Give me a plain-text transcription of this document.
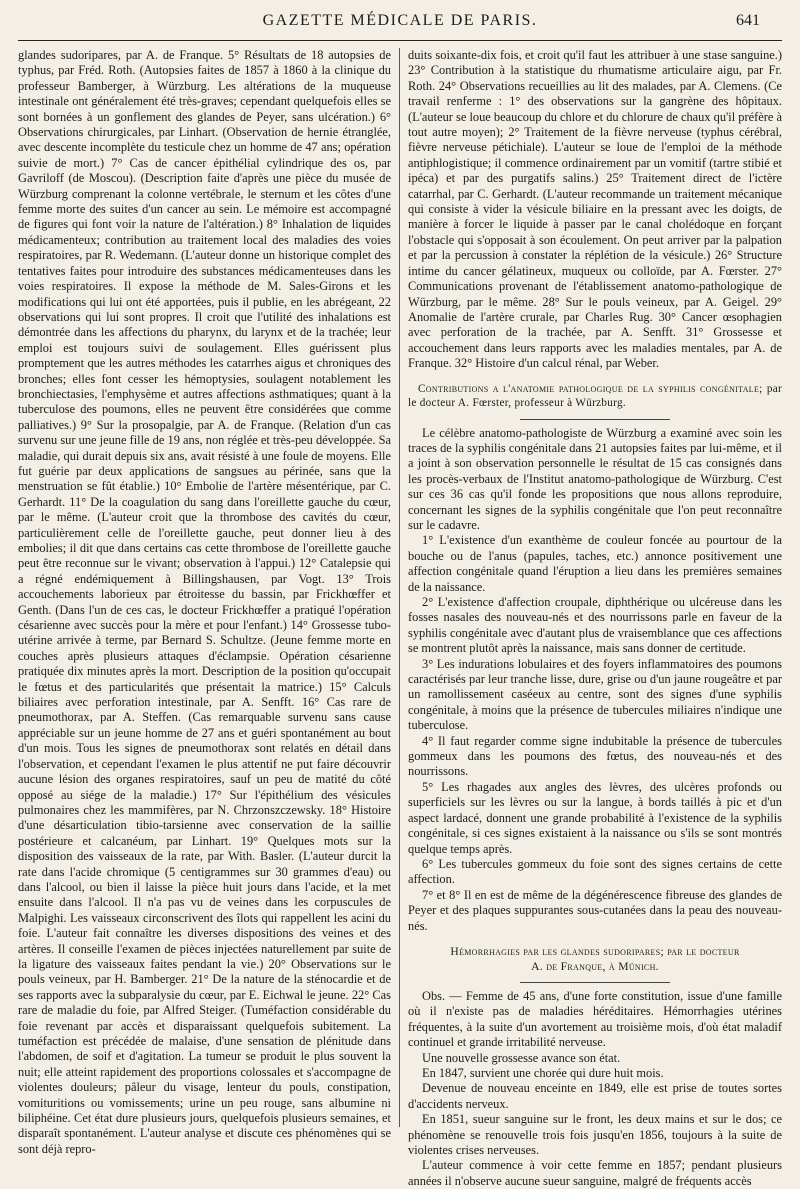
GAZETTE MÉDICALE DE PARIS.	641

glandes sudoripares, par A. de Franque. 5° Résultats de 18 autopsies de typhus, par Fréd. Roth. (Autopsies faites de 1857 à 1860 à la clinique du professeur Bamberger, à Würzburg. Les altérations de la muqueuse intestinale ont généralement été très-graves; cependant quelquefois elles se sont bornées à un gonflement des glandes de Peyer, sans ulcération.) 6° Observations chirurgicales, par Linhart. (Observation de hernie étranglée, avec descente incomplète du testicule chez un homme de 47 ans; opération suivie de mort.) 7° Cas de cancer épithélial cylindrique des os, par Gavriloff (de Moscou). (Description faite d'après une pièce du musée de Würzburg comprenant la colonne vertébrale, le sternum et les côtes d'une femme morte des suites d'un cancer au sein. Le mémoire est accompagné de figures qui font voir la nature de l'altération.) 8° Inhalation de liquides médicamenteux; contribution au traitement local des maladies des voies respiratoires, par R. Wedemann. (L'auteur donne un historique complet des tentatives faites pour introduire des substances médicamenteuses dans les voies respiratoires. Il expose la méthode de M. Sales-Girons et les modifications qui lui ont été apportées, puis il publie, en les abrégeant, 22 observations qui lui sont propres. Il croit que l'utilité des inhalations est démontrée dans les affections du pharynx, du larynx et de la trachée; leur emploi est toujours suivi de soulagement. Elles guérissent plus promptement que les autres méthodes les catarrhes aigus et chroniques des bronches; elles font cesser les hémoptysies, soulagent notablement les bronchiectasies, l'emphysème et autres affections asthmatiques; quant à la tuberculose des poumons, elles ne peuvent être considérées que comme palliatives.) 9° Sur la prosopalgie, par A. de Franque. (Relation d'un cas survenu sur une jeune fille de 19 ans, non réglée et très-peu développée. Sa maladie, qui durait depuis six ans, avait résisté à une foule de moyens. Elle fut guérie par deux applications de sangsues au périnée, sans que la menstruation se fût établie.) 10° Embolie de l'artère mésentérique, par C. Gerhardt. 11° De la coagulation du sang dans l'oreillette gauche du cœur, par le même. (L'auteur croit que la thrombose des cavités du cœur, particulièrement celle de l'oreillette gauche, peut donner lieu à des embolies; il dit que dans certains cas cette thrombose de l'oreillette gauche peut être reconnue sur le vivant; observation à l'appui.) 12° Catalepsie qui a régné endémiquement à Billingshausen, par Vogt. 13° Trois accouchements laborieux par étroitesse du bassin, par Frickhœffer et Genth. (Dans l'un de ces cas, le docteur Frickhœffer a pratiqué l'opération césarienne avec succès pour la mère et pour l'enfant.) 14° Grossesse tubo-utérine arrivée à terme, par Bernard S. Schultze. (Jeune femme morte en couches après plusieurs attaques d'éclampsie. Opération césarienne pratiquée dix minutes après la mort. Description de la position qu'occupait le fœtus et des particularités que présentait la matrice.) 15° Calculs biliaires avec perforation intestinale, par A. Senfft. 16° Cas rare de pneumothorax, par A. Steffen. (Cas remarquable survenu sans cause appréciable sur un jeune homme de 27 ans et guéri spontanément au bout d'un mois. Tous les signes de pneumothorax sont relatés en détail dans l'observation, et cependant l'examen le plus attentif ne put faire découvrir aucune lésion des organes respiratoires, sauf un peu de matité du côté opposé au siége de la maladie.) 17° Sur l'épithélium des vésicules pulmonaires chez les mammifères, par N. Chrzonszczewsky. 18° Histoire d'une désarticulation tibio-tarsienne avec conservation de la saillie postérieure et calcanéum, par Linhart. 19° Quelques mots sur la disposition des vaisseaux de la rate, par With. Basler. (L'auteur durcit la rate dans l'acide chromique (5 centigrammes sur 30 grammes d'eau) ou dans l'alcool, ou bien il laisse la pièce huit jours dans l'acide, et la met ensuite dans l'alcool. Il n'a pas vu de veines dans les corpuscules de Malpighi. Les vaisseaux circonscrivent des îlots qui rappellent les acini du foie. L'auteur fait connaître les diverses dispositions des veines et des artères. Il conseille l'examen de pièces injectées naturellement par suite de la ligature des vaisseaux faites pendant la vie.) 20° Observations sur le pouls veineux, par H. Bamberger. 21° De la nature de la sténocardie et de ses rapports avec la subparalysie du cœur, par E. Eichwal le jeune. 22° Cas rare de maladie du foie, par Alfred Steiger. (Tuméfaction considérable du foie revenant par accès et disparaissant quelquefois subitement. La tuméfaction est précédée de malaise, d'une sensation de plénitude dans l'abdomen, de soif et d'agitation. La tumeur se produit le plus souvent la nuit; elle atteint rapidement des proportions colossales et s'accompagne de violentes douleurs; pâleur du visage, lenteur du pouls, constipation, vomituritions ou vomissements; urine un peu rouge, sans albumine ni biliphéine. Cet état dure plusieurs jours, quelquefois plusieurs semaines, et disparaît spontanément. L'auteur analyse et discute ces phénomènes qui se sont déjà repro-

duits soixante-dix fois, et croit qu'il faut les attribuer à une stase sanguine.) 23° Contribution à la statistique du rhumatisme articulaire aigu, par Fr. Roth. 24° Observations recueillies au lit des malades, par A. Clemens. (Ce travail renferme : 1° des observations sur la gangrène des hôpitaux. (L'auteur se loue beaucoup du chlore et du chlorure de chaux qu'il préfère à tout autre moyen); 2° Traitement de la fièvre nerveuse (typhus cérébral, fièvre nerveuse pétichiale). L'auteur se loue de l'emploi de la méthode antiphlogistique; il commence ordinairement par un vomitif (tartre stibié et ipéca) et par des purgatifs salins.) 25° Traitement direct de l'ictère catarrhal, par C. Gerhardt. (L'auteur recommande un traitement mécanique qui consiste à vider la vésicule biliaire en la pressant avec les doigts, de manière à forcer le liquide à passer par le canal cholédoque en forçant l'obstacle qui s'opposait à son écoulement. On peut arriver par la palpation et par la percussion à constater la réplétion de la vésicule.) 26° Structure intime du cancer gélatineux, muqueux ou colloïde, par A. Fœrster. 27° Communications provenant de l'établissement anatomo-pathologique de Würzburg, par le même. 28° Sur le pouls veineux, par A. Geigel. 29° Anomalie de l'artère crurale, par Charles Rug. 30° Cancer œsophagien avec perforation de la trachée, par A. Senfft. 31° Grossesse et accouchement dans leurs rapports avec les maladies mentales, par A. de Franque. 32° Histoire d'un calcul rénal, par Weber.

Contributions a l'anatomie pathologique de la syphilis congénitale; par le docteur A. Fœrster, professeur à Würzburg.

Le célèbre anatomo-pathologiste de Würzburg a examiné avec soin les traces de la syphilis congénitale dans 21 autopsies faites par lui-même, et il a joint à son observation personnelle le résultat de 15 cas consignés dans les procès-verbaux de l'Institut anatomo-pathologique de Würzburg. C'est sur ces 36 cas qu'il fonde les propositions que nous allons reproduire, concernant les signes de la syphilis congénitale que l'on peut reconnaître sur le cadavre.

1° L'existence d'un exanthème de couleur foncée au pourtour de la bouche ou de l'anus (papules, taches, etc.) annonce positivement une affection congénitale quand l'éruption a lieu dans les premières semaines de la naissance.

2° L'existence d'affection croupale, diphthérique ou ulcéreuse dans les fosses nasales des nouveau-nés et des nourrissons parle en faveur de la syphilis congénitale avec d'autant plus de vraisemblance que ces affections se montrent plutôt après la naissance, mais sans donner de certitude.

3° Les indurations lobulaires et des foyers inflammatoires des poumons caractérisés par leur tranche lisse, dure, grise ou d'un jaune rougeâtre et par un ramollissement caséeux au centre, sont des signes d'une syphilis congénitale, à moins que la présence de tubercules miliaires n'indique une tuberculose.

4° Il faut regarder comme signe indubitable la présence de tubercules gommeux dans les poumons des fœtus, des nouveau-nés et des nourrissons.

5° Les rhagades aux angles des lèvres, des ulcères profonds ou superficiels sur les lèvres ou sur la langue, à bords taillés à pic et d'un aspect lardacé, donnent une grande probabilité à l'existence de la syphilis congénitale, si ces signes existaient à la naissance ou s'ils se sont montrés quelque temps après.

6° Les tubercules gommeux du foie sont des signes certains de cette affection.

7° et 8° Il en est de même de la dégénérescence fibreuse des glandes de Peyer et des plaques suppurantes sous-cutanées dans la peau des nouveau-nés.

Hémorrhagies par les glandes sudoripares; par le docteur
A. de Franque, à Münich.

Obs. — Femme de 45 ans, d'une forte constitution, issue d'une famille où il n'existe pas de maladies héréditaires. Hémorrhagies utérines fréquentes, à la suite d'un avortement au troisième mois, d'où état maladif continuel et grande irritabilité nerveuse.

Une nouvelle grossesse avance son état.

En 1847, survient une chorée qui dure huit mois.

Devenue de nouveau enceinte en 1849, elle est prise de toutes sortes d'accidents nerveux.

En 1851, sueur sanguine sur le front, les deux mains et sur le dos; ce phénomène se renouvelle trois fois jusqu'en 1856, toujours à la suite de violentes crises nerveuses.

L'auteur commence à voir cette femme en 1857; pendant plusieurs années il n'observe aucune sueur sanguine, malgré de fréquents accès
